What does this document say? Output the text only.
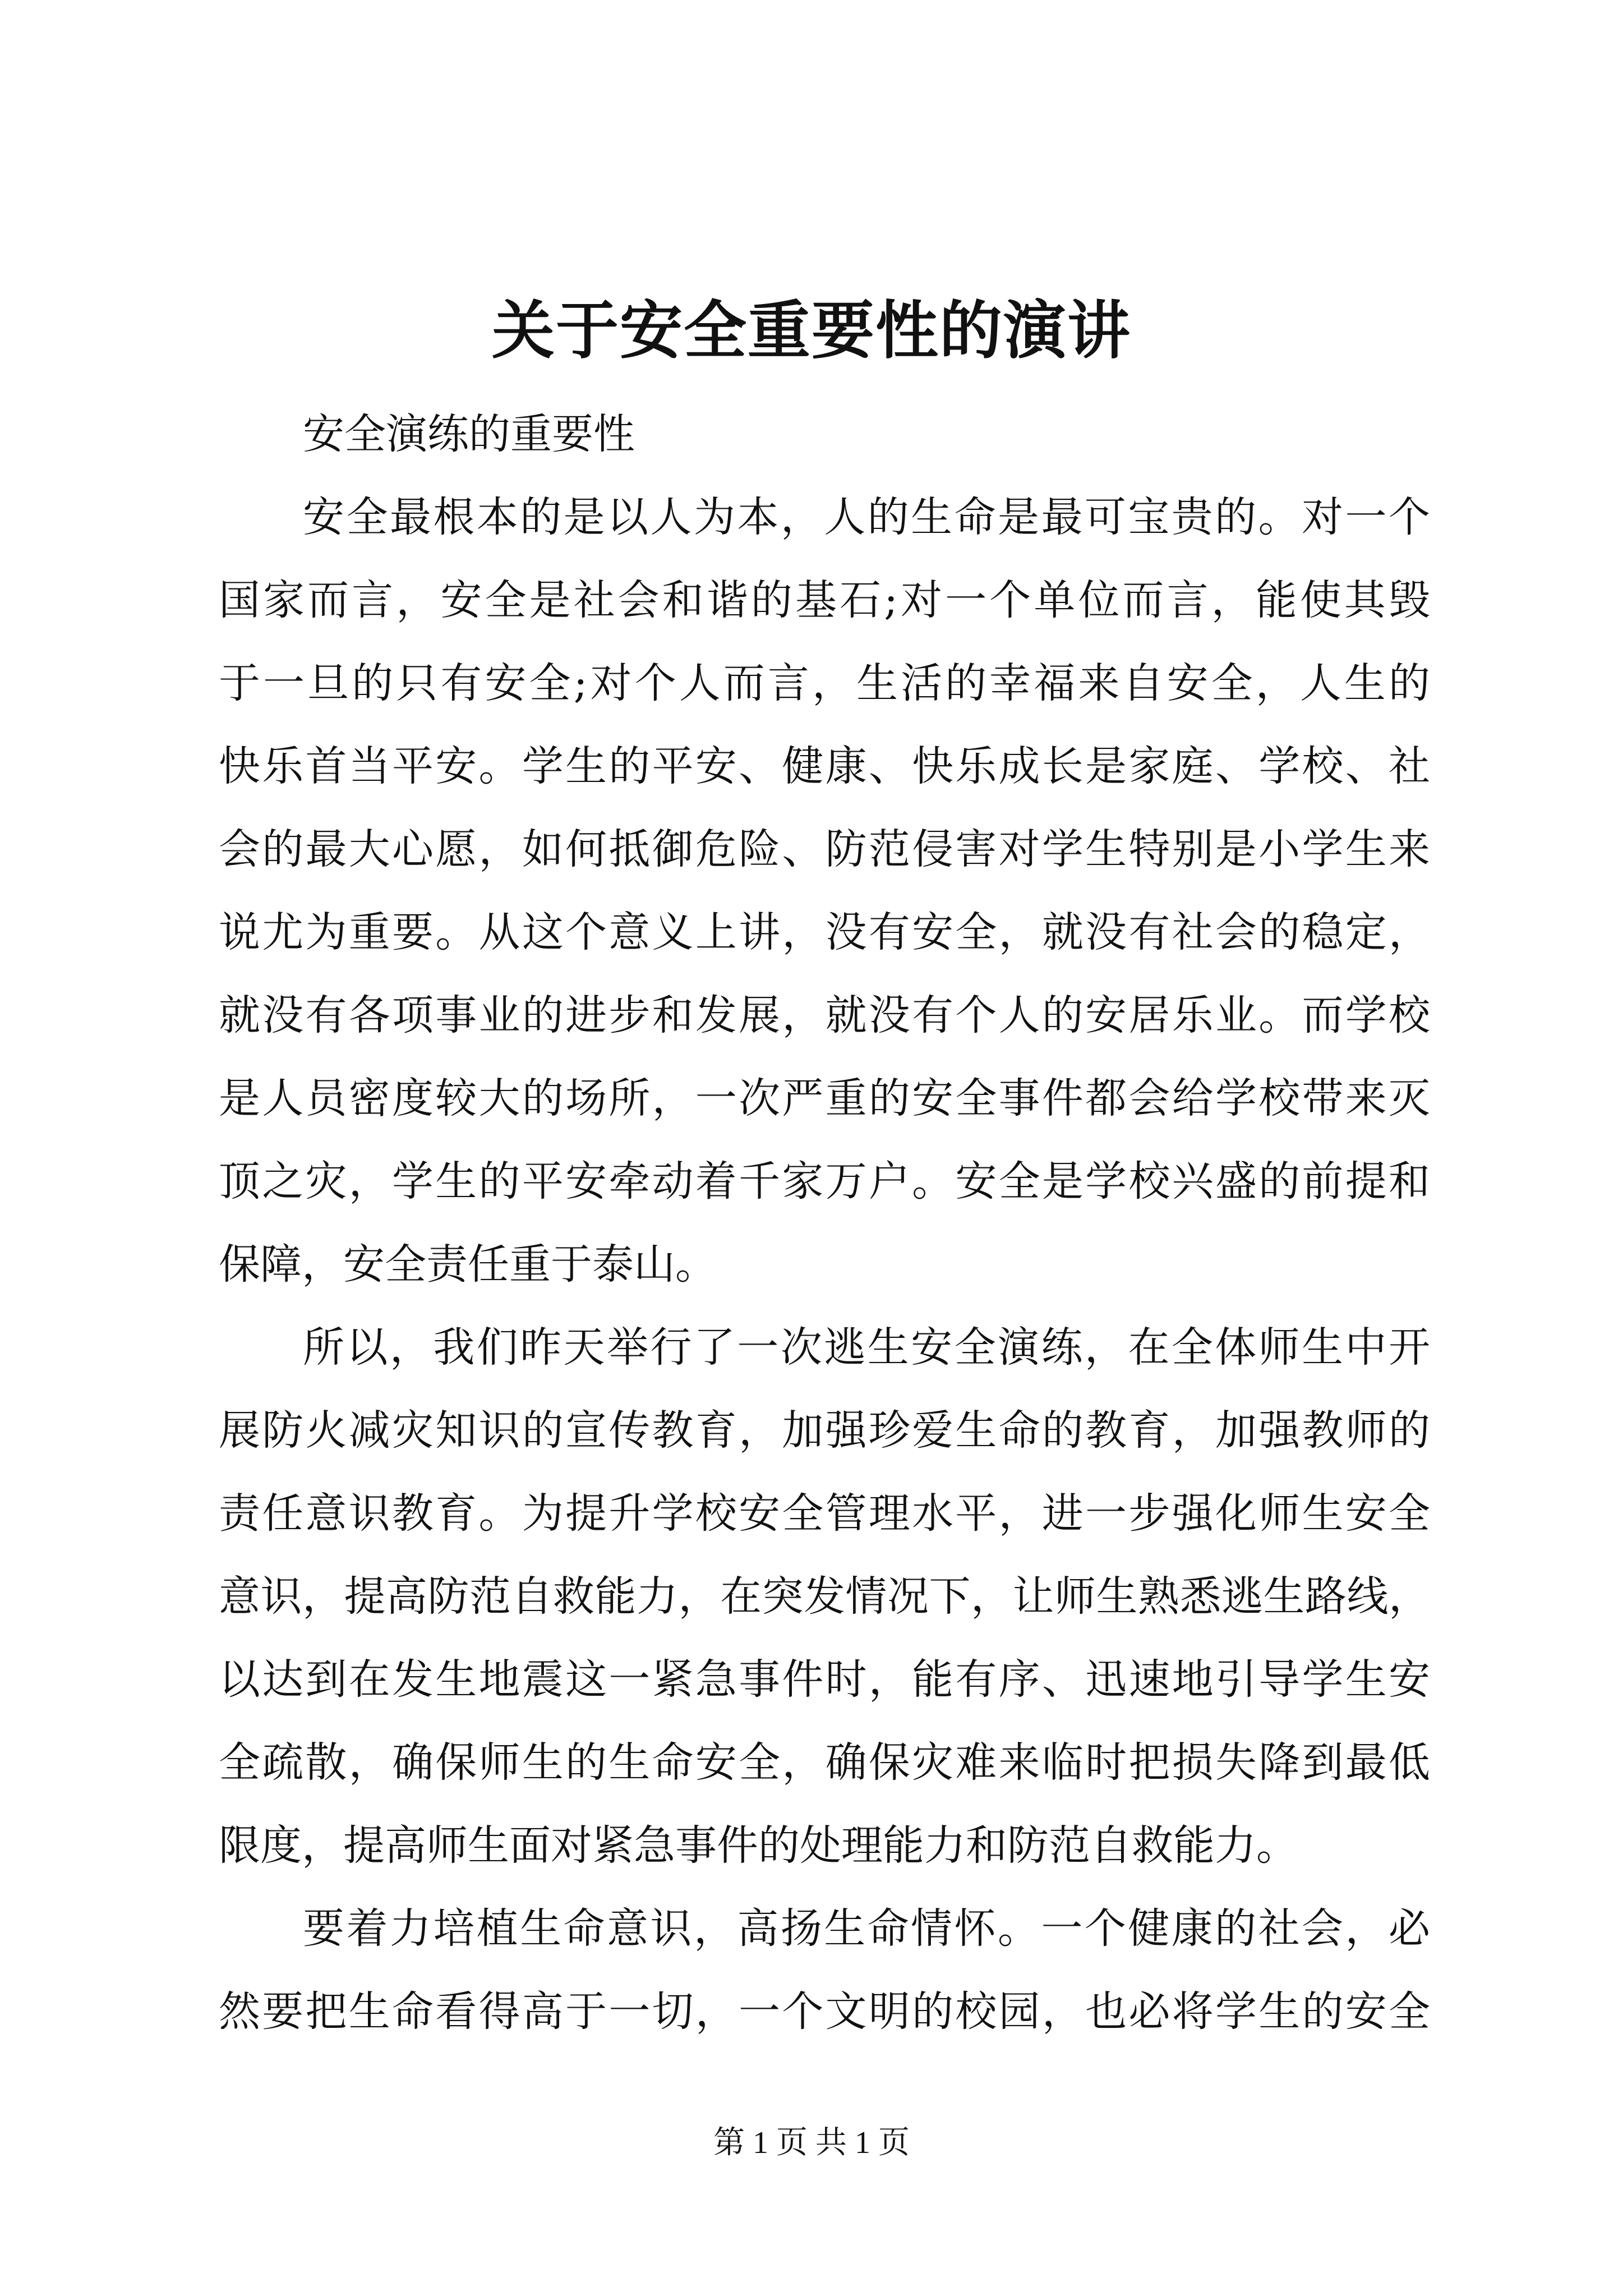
关于安全重要性的演讲
安全演练的重要性
安全最根本的是以人为本，人的生命是最可宝贵的。对一个
国家而言，安全是社会和谐的基石;对一个单位而言，能使其毁
于一旦的只有安全;对个人而言，生活的幸福来自安全，人生的
快乐首当平安。学生的平安、健康、快乐成长是家庭、学校、社
会的最大心愿，如何抵御危险、防范侵害对学生特别是小学生来
说尤为重要。从这个意义上讲，没有安全，就没有社会的稳定，
就没有各项事业的进步和发展，就没有个人的安居乐业。而学校
是人员密度较大的场所，一次严重的安全事件都会给学校带来灭
顶之灾，学生的平安牵动着千家万户。安全是学校兴盛的前提和
保障，安全责任重于泰山。
所以，我们昨天举行了一次逃生安全演练，在全体师生中开
展防火减灾知识的宣传教育，加强珍爱生命的教育，加强教师的
责任意识教育。为提升学校安全管理水平，进一步强化师生安全
意识，提高防范自救能力，在突发情况下，让师生熟悉逃生路线，
以达到在发生地震这一紧急事件时，能有序、迅速地引导学生安
全疏散，确保师生的生命安全，确保灾难来临时把损失降到最低
限度，提高师生面对紧急事件的处理能力和防范自救能力。
要着力培植生命意识，高扬生命情怀。一个健康的社会，必
然要把生命看得高于一切，一个文明的校园，也必将学生的安全
第 1 页 共 1 页
